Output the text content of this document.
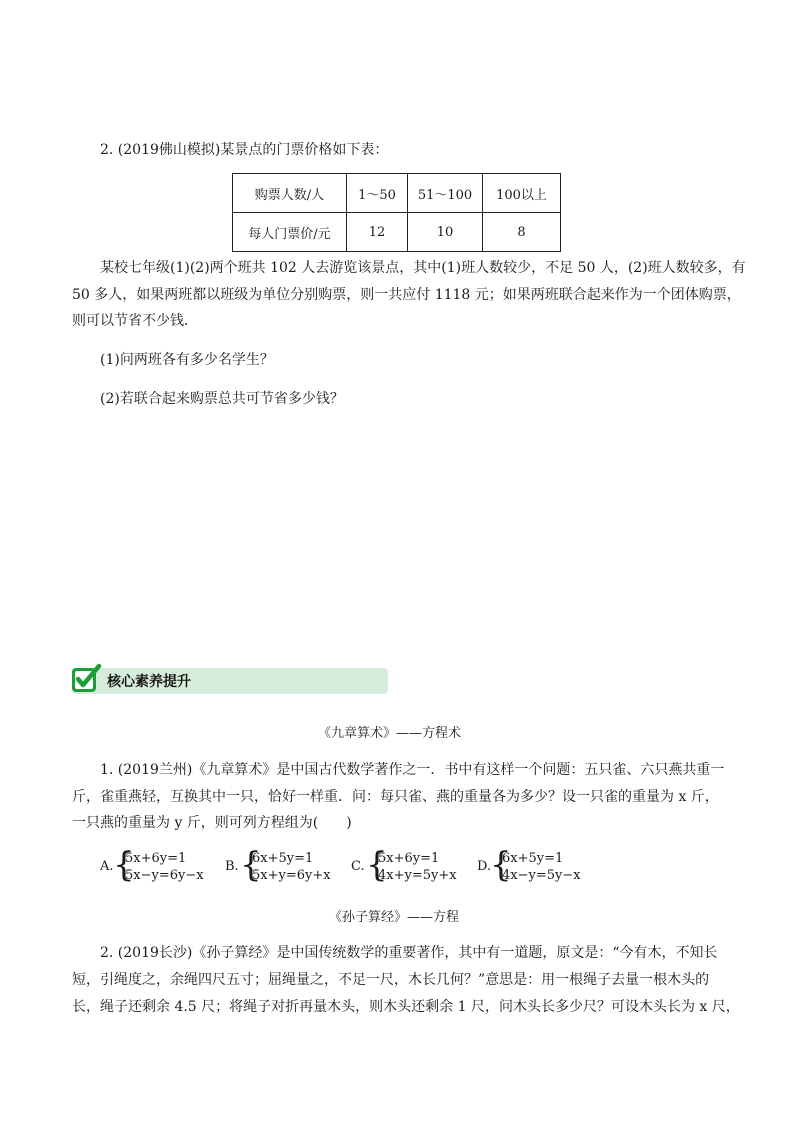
2. (2019佛山模拟)某景点的门票价格如下表：
购票人数/人	1～50	51～100	100以上
每人门票价/元	12	10	8
某校七年级(1)(2)两个班共 102 人去游览该景点，其中(1)班人数较少，不足 50 人，(2)班人数较多，有
50 多人，如果两班都以班级为单位分别购票，则一共应付 1118 元；如果两班联合起来作为一个团体购票，
则可以节省不少钱．
(1)问两班各有多少名学生？
(2)若联合起来购票总共可节省多少钱？
核心素养提升
《九章算术》——方程术
1. (2019兰州)《九章算术》是中国古代数学著作之一．书中有这样一个问题：五只雀、六只燕共重一
斤，雀重燕轻，互换其中一只，恰好一样重．问：每只雀、燕的重量各为多少？设一只雀的重量为 x 斤，
一只燕的重量为 y 斤，则可列方程组为(　　)
A. {
5x+6y=1
5x−y=6y−x
B. {
6x+5y=1
5x+y=6y+x
C. {
5x+6y=1
4x+y=5y+x
D.
{
6x+5y=1
4x−y=5y−x
《孙子算经》——方程
2. (2019长沙)《孙子算经》是中国传统数学的重要著作，其中有一道题，原文是：“今有木，不知长
短，引绳度之，余绳四尺五寸；屈绳量之，不足一尺，木长几何？”意思是：用一根绳子去量一根木头的
长，绳子还剩余 4.5 尺；将绳子对折再量木头，则木头还剩余 1 尺，问木头长多少尺？可设木头长为 x 尺，
